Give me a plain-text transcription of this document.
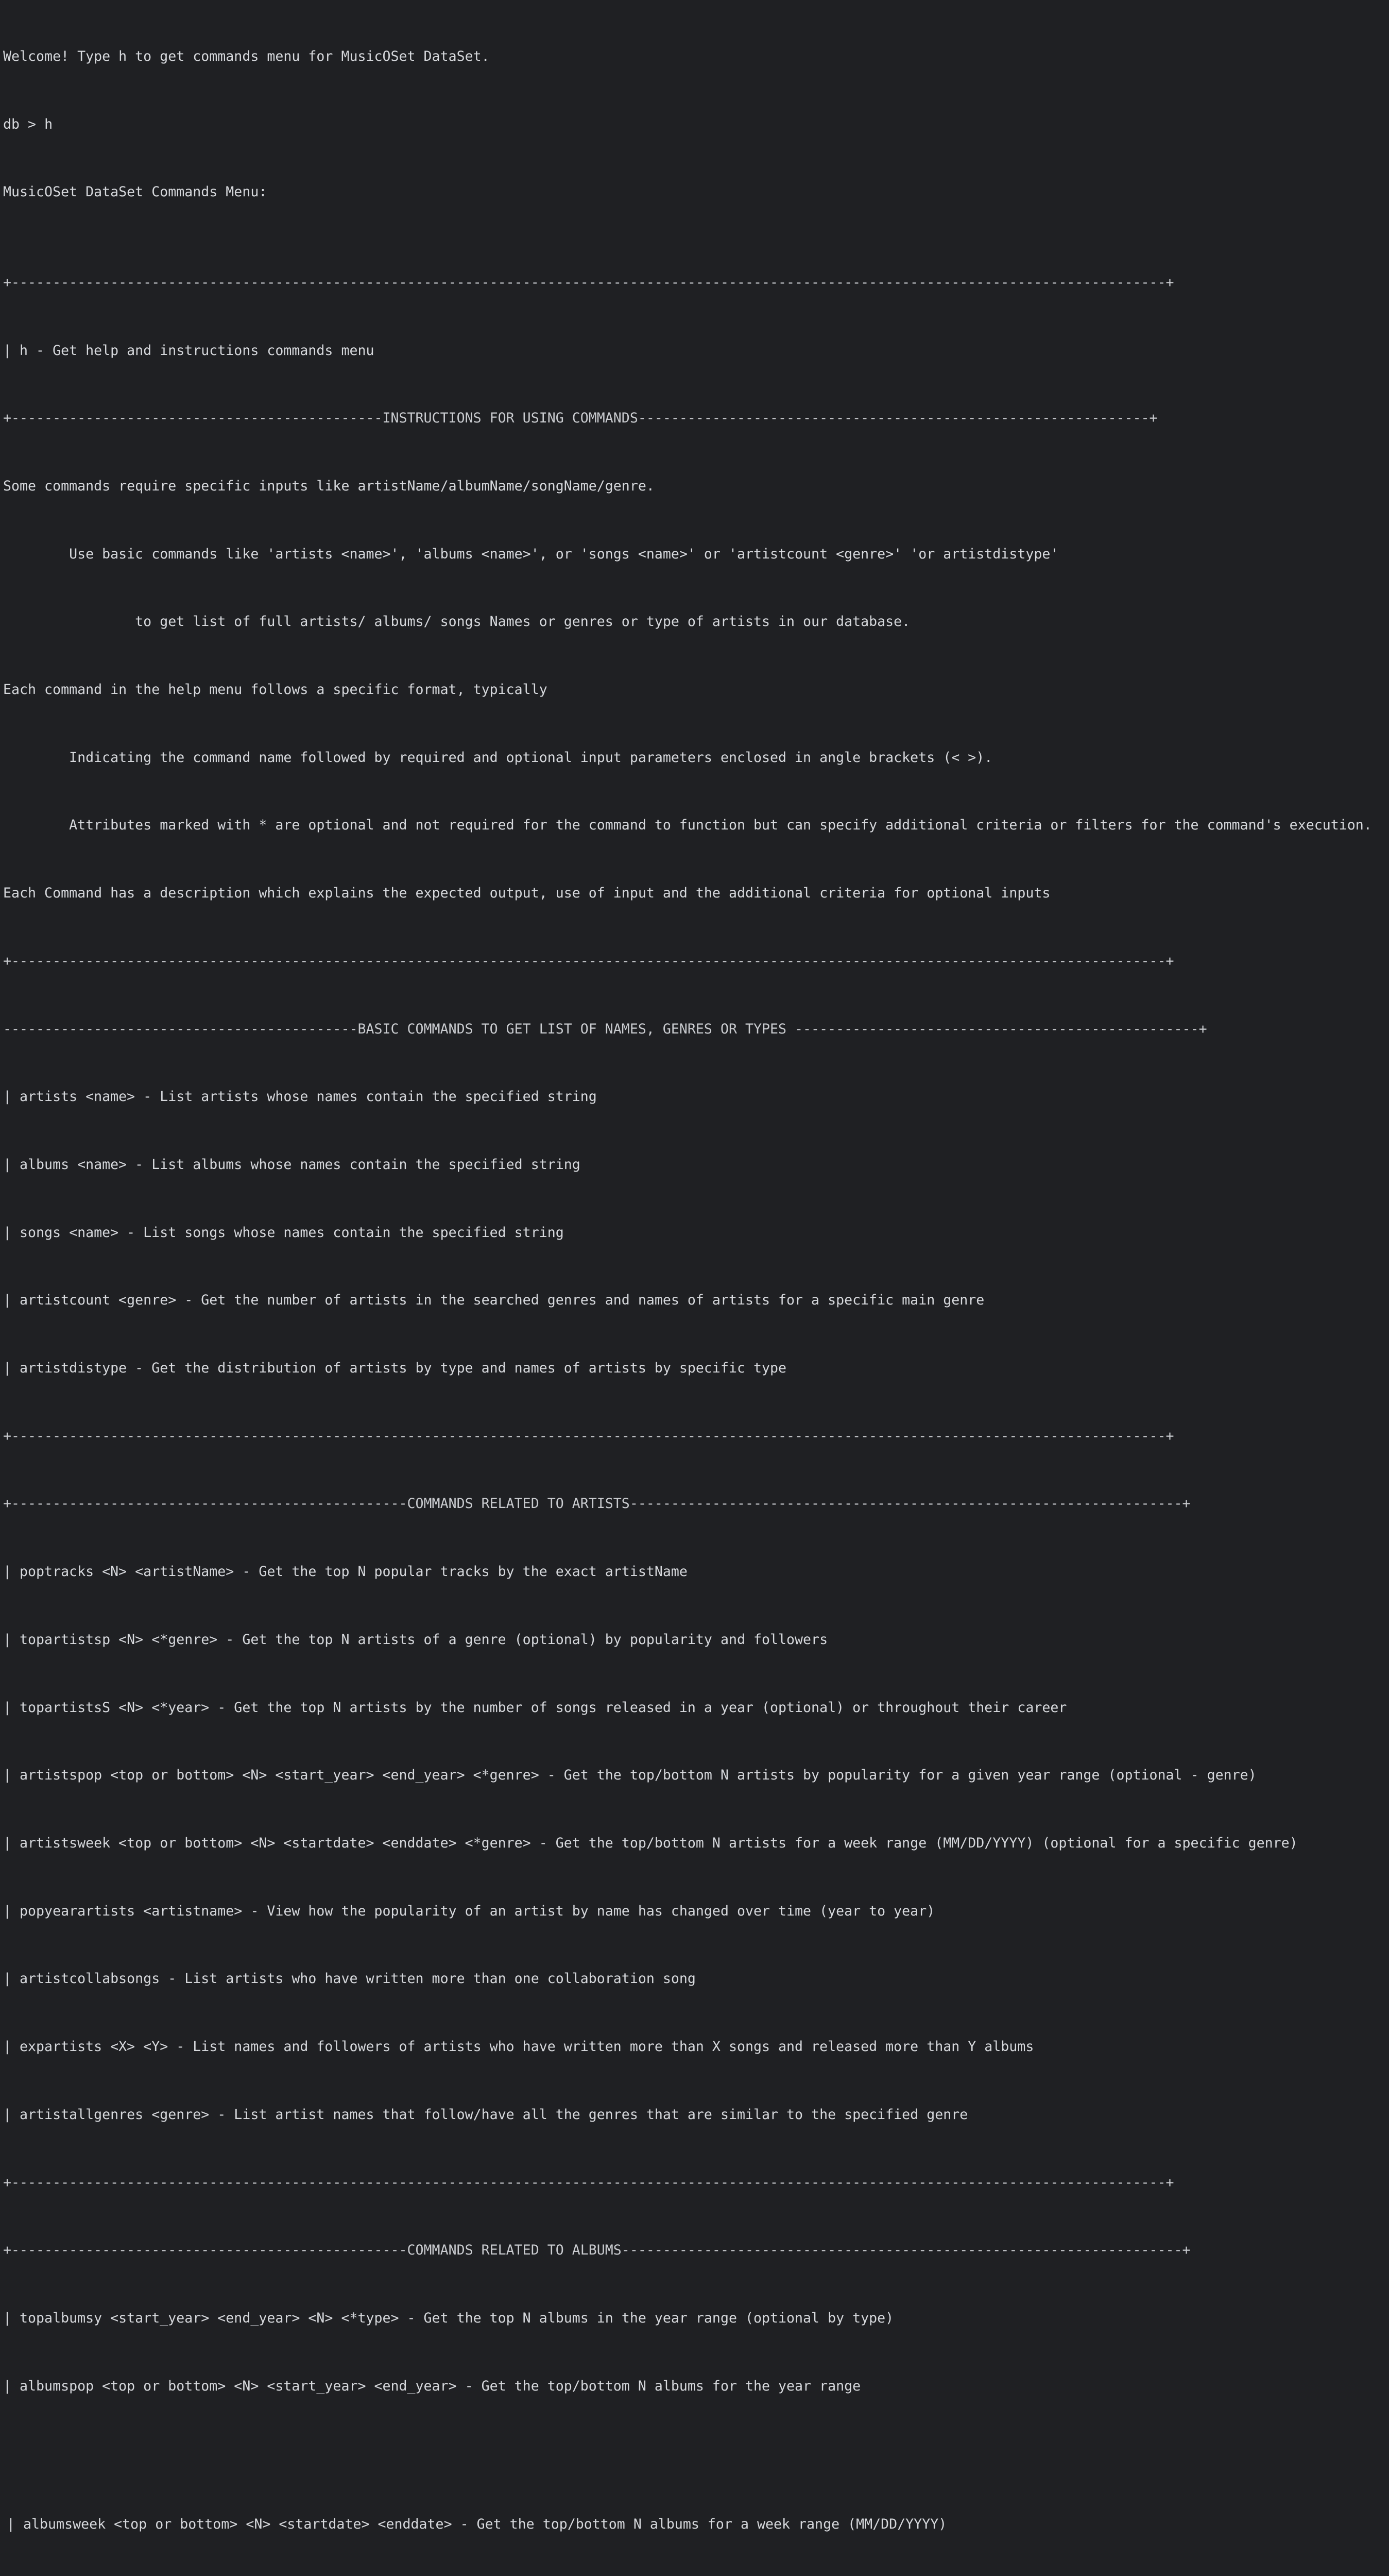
Welcome! Type h to get commands menu for MusicOSet DataSet.

db > h

MusicOSet DataSet Commands Menu:

+--------------------------------------------------------------------------------------------------------------------------------------------+

| h - Get help and instructions commands menu

+---------------------------------------------INSTRUCTIONS FOR USING COMMANDS--------------------------------------------------------------+

Some commands require specific inputs like artistName/albumName/songName/genre.

Use basic commands like 'artists <name>', 'albums <name>', or 'songs <name>' or 'artistcount <genre>' 'or artistdistype'

to get list of full artists/ albums/ songs Names or genres or type of artists in our database.

Each command in the help menu follows a specific format, typically

Indicating the command name followed by required and optional input parameters enclosed in angle brackets (< >).

Attributes marked with * are optional and not required for the command to function but can specify additional criteria or filters for the command's execution.

Each Command has a description which explains the expected output, use of input and the additional criteria for optional inputs

+--------------------------------------------------------------------------------------------------------------------------------------------+

-------------------------------------------BASIC COMMANDS TO GET LIST OF NAMES, GENRES OR TYPES -------------------------------------------------+

| artists <name> - List artists whose names contain the specified string

| albums <name> - List albums whose names contain the specified string

| songs <name> - List songs whose names contain the specified string

| artistcount <genre> - Get the number of artists in the searched genres and names of artists for a specific main genre

| artistdistype - Get the distribution of artists by type and names of artists by specific type

+--------------------------------------------------------------------------------------------------------------------------------------------+

+------------------------------------------------COMMANDS RELATED TO ARTISTS-------------------------------------------------------------------+

| poptracks <N> <artistName> - Get the top N popular tracks by the exact artistName

| topartistsp <N> <*genre> - Get the top N artists of a genre (optional) by popularity and followers

| topartistsS <N> <*year> - Get the top N artists by the number of songs released in a year (optional) or throughout their career

| artistspop <top or bottom> <N> <start_year> <end_year> <*genre> - Get the top/bottom N artists by popularity for a given year range (optional - genre)

| artistsweek <top or bottom> <N> <startdate> <enddate> <*genre> - Get the top/bottom N artists for a week range (MM/DD/YYYY) (optional for a specific genre)

| popyearartists <artistname> - View how the popularity of an artist by name has changed over time (year to year)

| artistcollabsongs - List artists who have written more than one collaboration song

| expartists <X> <Y> - List names and followers of artists who have written more than X songs and released more than Y albums

| artistallgenres <genre> - List artist names that follow/have all the genres that are similar to the specified genre

+--------------------------------------------------------------------------------------------------------------------------------------------+

+------------------------------------------------COMMANDS RELATED TO ALBUMS--------------------------------------------------------------------+

| topalbumsy <start_year> <end_year> <N> <*type> - Get the top N albums in the year range (optional by type)

| albumspop <top or bottom> <N> <start_year> <end_year> - Get the top/bottom N albums for the year range

| albumsweek <top or bottom> <N> <startdate> <enddate> - Get the top/bottom N albums for a week range (MM/DD/YYYY)
